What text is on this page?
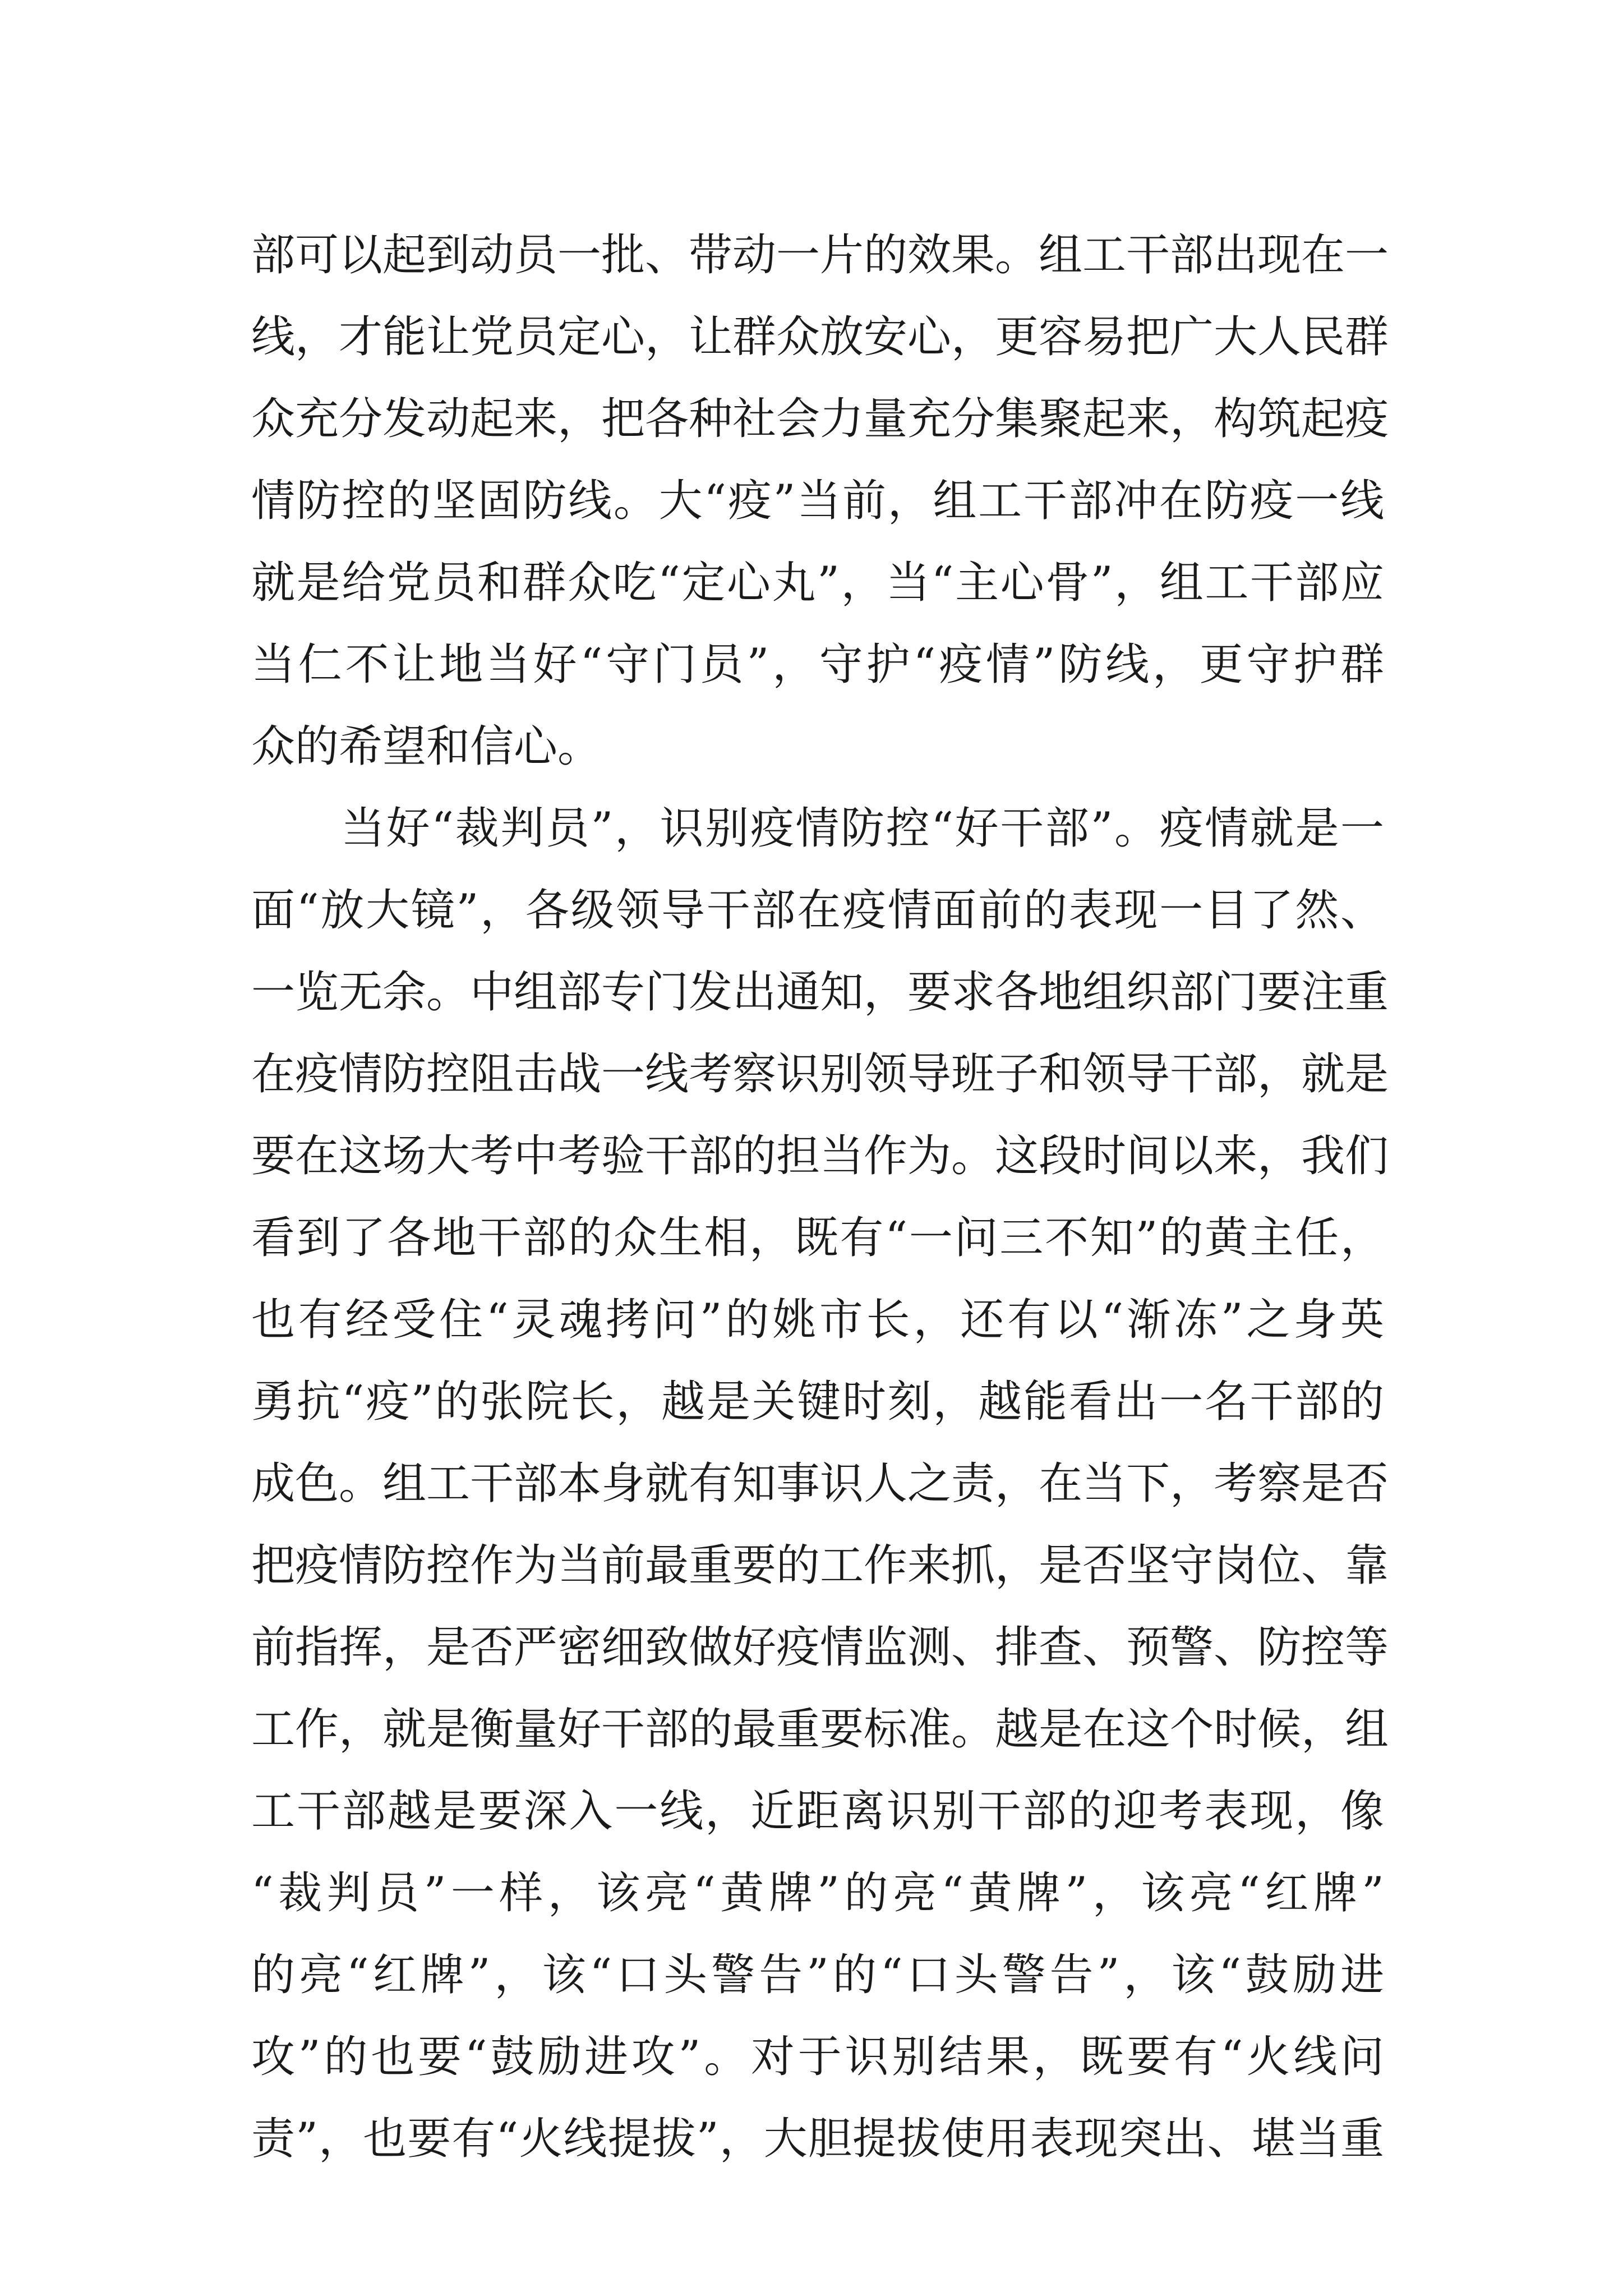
部可以起到动员一批、带动一片的效果。组工干部出现在一
线，才能让党员定心，让群众放安心，更容易把广大人民群
众充分发动起来，把各种社会力量充分集聚起来，构筑起疫
情防控的坚固防线。大“疫”当前，组工干部冲在防疫一线
就是给党员和群众吃“定心丸”，当“主心骨”，组工干部应
当仁不让地当好“守门员”，守护“疫情”防线，更守护群
众的希望和信心。
当好“裁判员”，识别疫情防控“好干部”。疫情就是一
面“放大镜”，各级领导干部在疫情面前的表现一目了然、
一览无余。中组部专门发出通知，要求各地组织部门要注重
在疫情防控阻击战一线考察识别领导班子和领导干部，就是
要在这场大考中考验干部的担当作为。这段时间以来，我们
看到了各地干部的众生相，既有“一问三不知”的黄主任，
也有经受住“灵魂拷问”的姚市长，还有以“渐冻”之身英
勇抗“疫”的张院长，越是关键时刻，越能看出一名干部的
成色。组工干部本身就有知事识人之责，在当下，考察是否
把疫情防控作为当前最重要的工作来抓，是否坚守岗位、靠
前指挥，是否严密细致做好疫情监测、排查、预警、防控等
工作，就是衡量好干部的最重要标准。越是在这个时候，组
工干部越是要深入一线，近距离识别干部的迎考表现，像
“裁判员”一样，该亮“黄牌”的亮“黄牌”，该亮“红牌”
的亮“红牌”，该“口头警告”的“口头警告”，该“鼓励进
攻”的也要“鼓励进攻”。对于识别结果，既要有“火线问
责”，也要有“火线提拔”，大胆提拔使用表现突出、堪当重
